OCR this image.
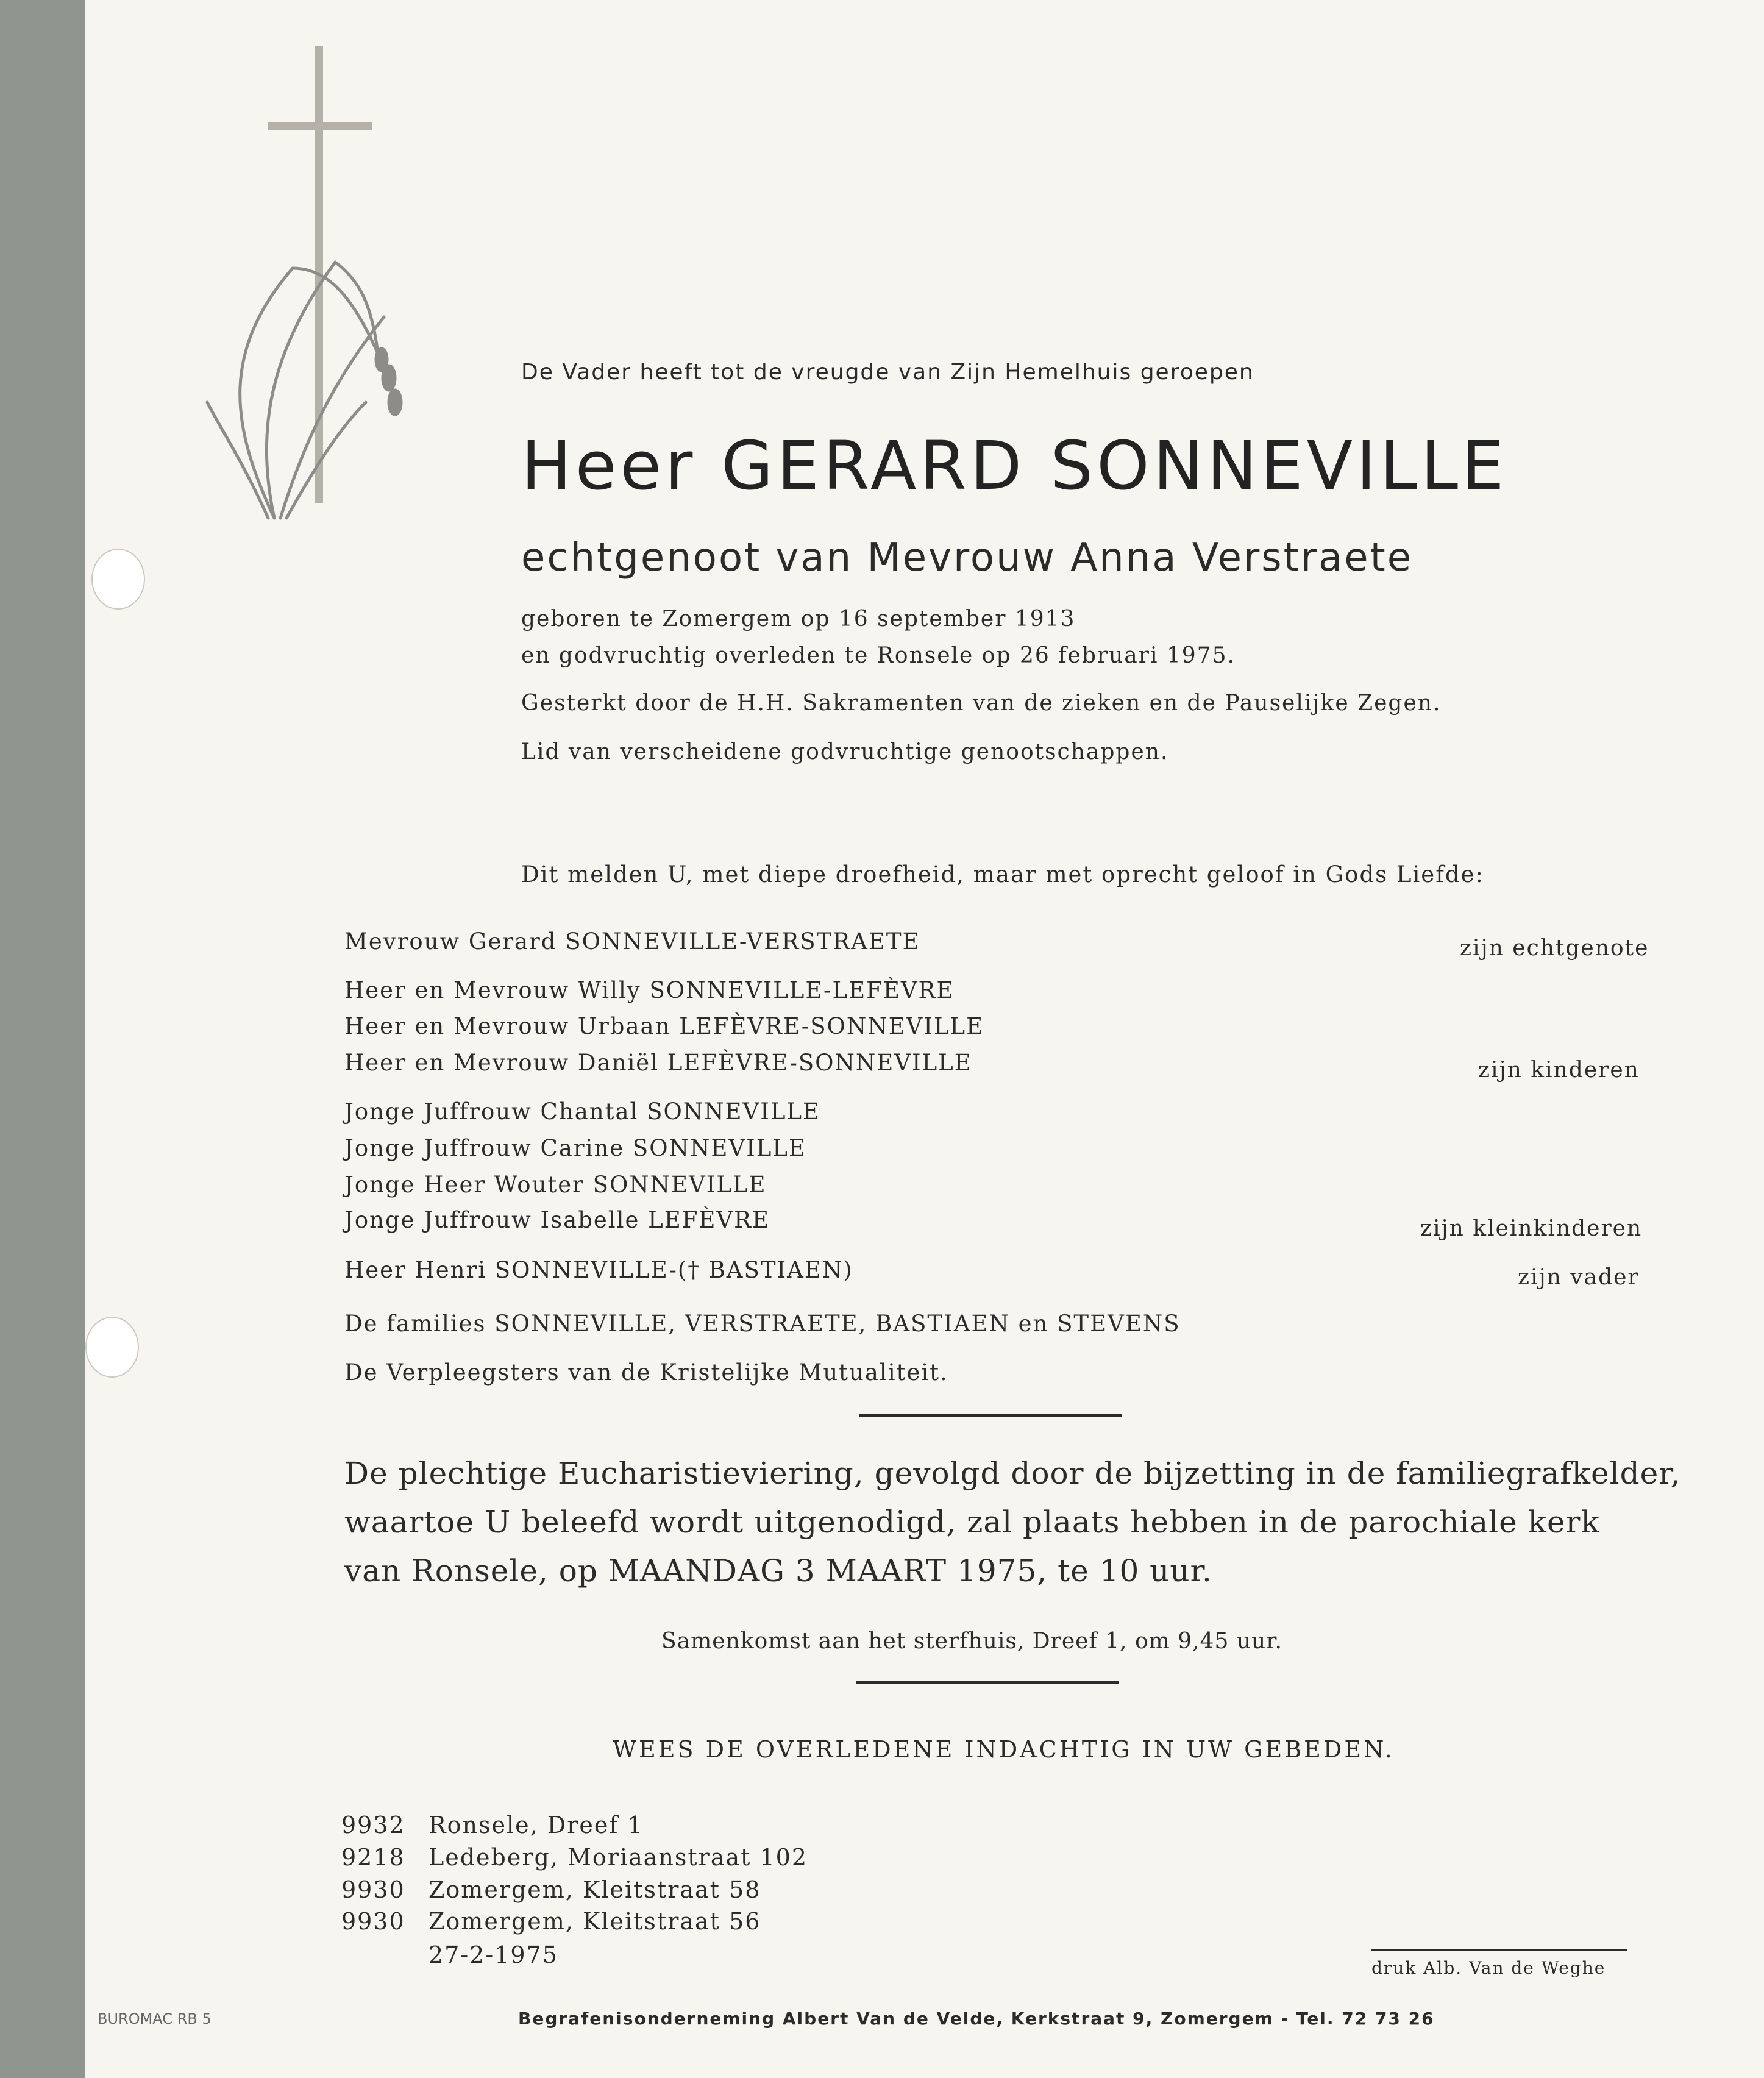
De Vader heeft tot de vreugde van Zijn Hemelhuis geroepen
Heer GERARD SONNEVILLE
echtgenoot van Mevrouw Anna Verstraete
geboren te Zomergem op 16 september 1913
en godvruchtig overleden te Ronsele op 26 februari 1975.
Gesterkt door de H.H. Sakramenten van de zieken en de Pauselijke Zegen.
Lid van verscheidene godvruchtige genootschappen.
Dit melden U, met diepe droefheid, maar met oprecht geloof in Gods Liefde:
Mevrouw Gerard SONNEVILLE-VERSTRAETE	zijn echtgenote
Heer en Mevrouw Willy SONNEVILLE-LEFÈVRE
Heer en Mevrouw Urbaan LEFÈVRE-SONNEVILLE
Heer en Mevrouw Daniël LEFÈVRE-SONNEVILLE	zijn kinderen
Jonge Juffrouw Chantal SONNEVILLE
Jonge Juffrouw Carine SONNEVILLE
Jonge Heer Wouter SONNEVILLE
Jonge Juffrouw Isabelle LEFÈVRE	zijn kleinkinderen
Heer Henri SONNEVILLE-(† BASTIAEN)	zijn vader
De families SONNEVILLE, VERSTRAETE, BASTIAEN en STEVENS
De Verpleegsters van de Kristelijke Mutualiteit.
De plechtige Eucharistieviering, gevolgd door de bijzetting in de familiegrafkelder,
waartoe U beleefd wordt uitgenodigd, zal plaats hebben in de parochiale kerk
van Ronsele, op MAANDAG 3 MAART 1975, te 10 uur.
Samenkomst aan het sterfhuis, Dreef 1, om 9,45 uur.
WEES DE OVERLEDENE INDACHTIG IN UW GEBEDEN.
9932 Ronsele, Dreef 1
9218 Ledeberg, Moriaanstraat 102
9930 Zomergem, Kleitstraat 58
9930 Zomergem, Kleitstraat 56
27-2-1975	druk Alb. Van de Weghe
BUROMAC RB 5	Begrafenisonderneming Albert Van de Velde, Kerkstraat 9, Zomergem - Tel. 72 73 26
